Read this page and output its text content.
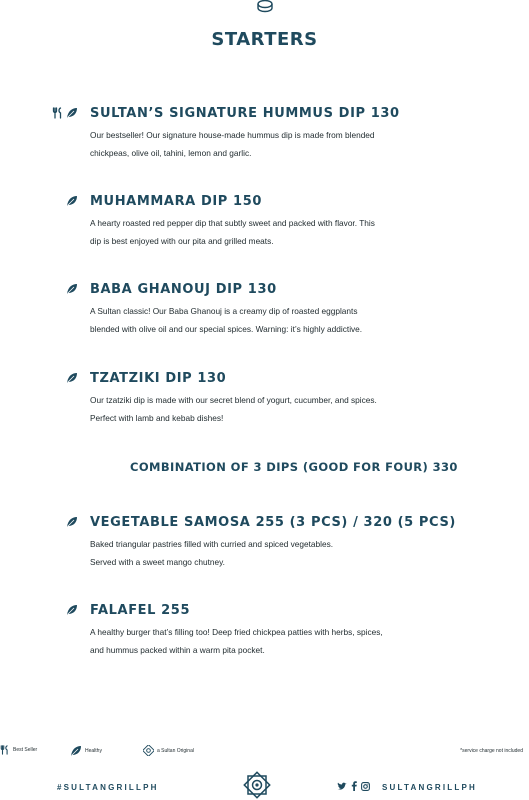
STARTERS
SULTAN’S SIGNATURE HUMMUS DIP 130
Our bestseller! Our signature house-made hummus dip is made from blended
chickpeas, olive oil, tahini, lemon and garlic.
MUHAMMARA DIP 150
A hearty roasted red pepper dip that subtly sweet and packed with flavor. This
dip is best enjoyed with our pita and grilled meats.
BABA GHANOUJ DIP 130
A Sultan classic! Our Baba Ghanouj is a creamy dip of roasted eggplants
blended with olive oil and our special spices. Warning: it’s highly addictive.
TZATZIKI DIP 130
Our tzatziki dip is made with our secret blend of yogurt, cucumber, and spices.
Perfect with lamb and kebab dishes!
COMBINATION OF 3 DIPS (GOOD FOR FOUR) 330
VEGETABLE SAMOSA 255 (3 PCS) / 320 (5 PCS)
Baked triangular pastries filled with curried and spiced vegetables.
Served with a sweet mango chutney.
FALAFEL 255
A healthy burger that’s filling too! Deep fried chickpea patties with herbs, spices,
and hummus packed within a warm pita pocket.
Best Seller	Healthy	a Sultan Original	*service charge not included
#SULTANGRILLPH	SULTANGRILLPH
